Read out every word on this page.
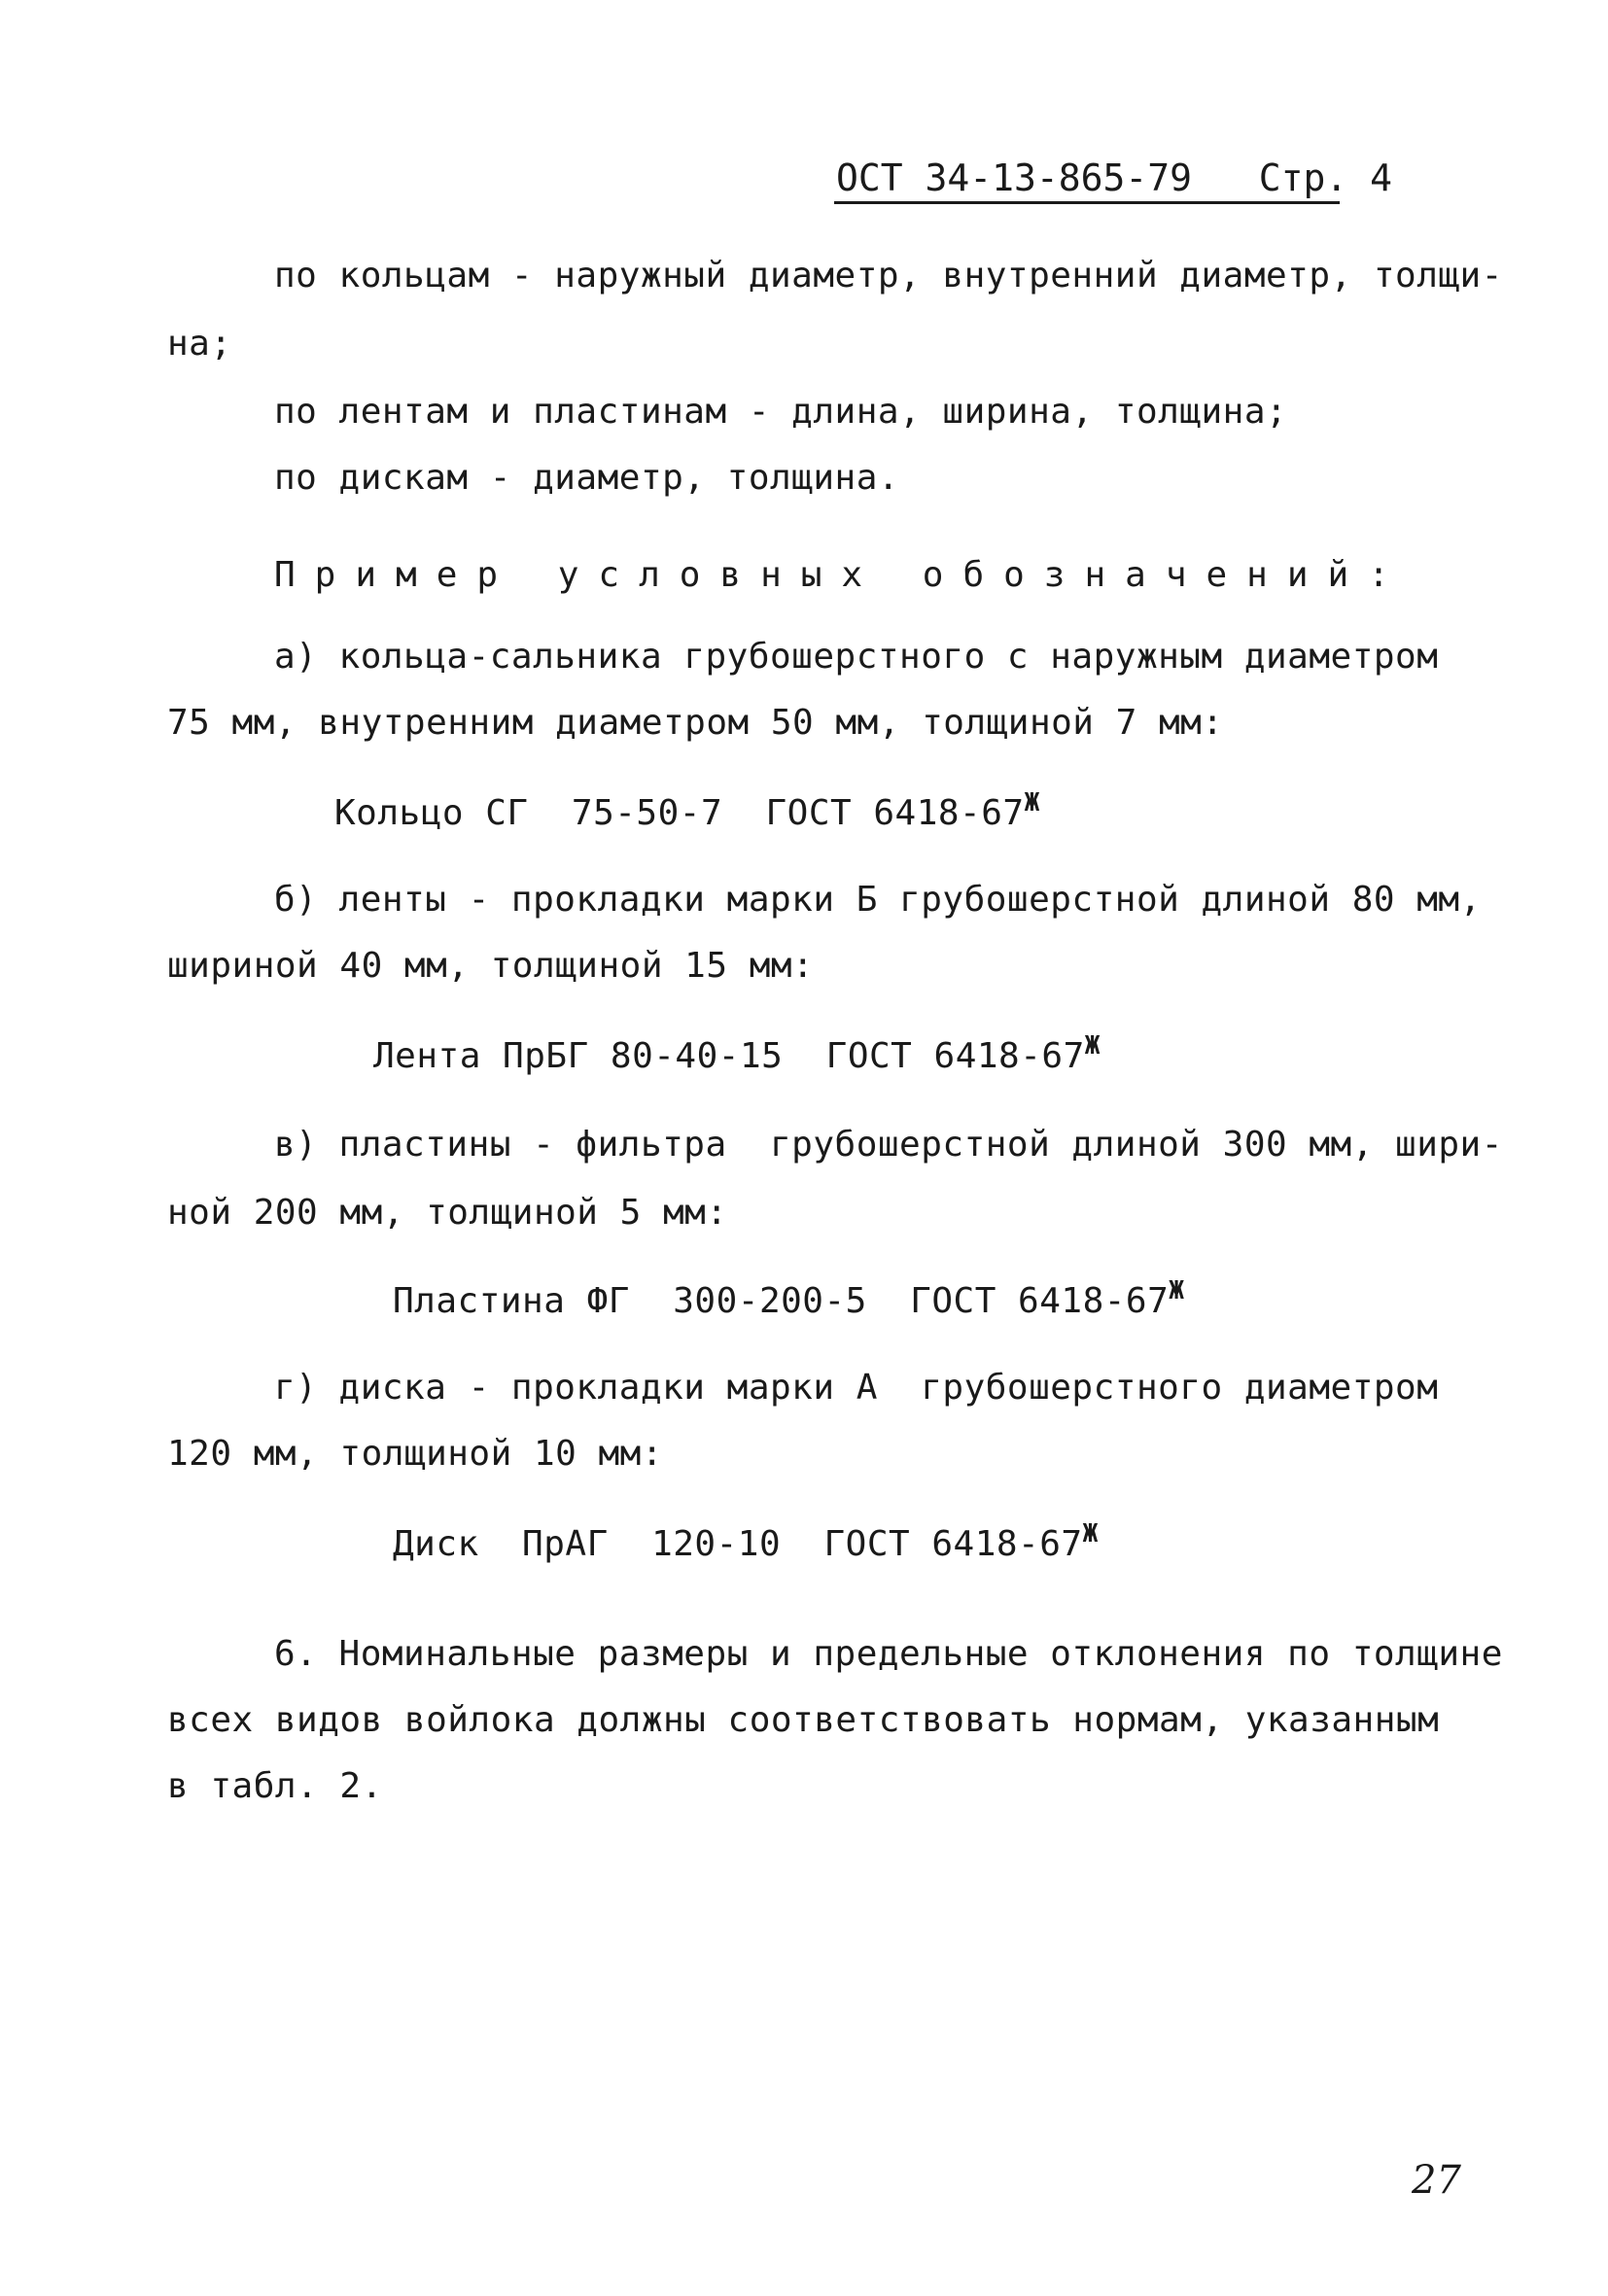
ОСТ 34-13-865-79 Стр. 4
по кольцам - наружный диаметр, внутренний диаметр, толщи-
на;
по лентам и пластинам - длина, ширина, толщина;
по дискам - диаметр, толщина.
Пример условных обозначений:
а) кольца-сальника грубошерстного с наружным диаметром
75 мм, внутренним диаметром 50 мм, толщиной 7 мм:
Кольцо СГ  75-50-7  ГОСТ $6418-67^Ж$
б) ленты - прокладки марки Б грубошерстной длиной 80 мм,
шириной 40 мм, толщиной 15 мм:
Лента ПрБГ 80-40-15  ГОСТ $6418-67^Ж$
в) пластины - фильтра  грубошерстной длиной 300 мм, шири-
ной 200 мм, толщиной 5 мм:
Пластина ФГ  300-200-5  ГОСТ $6418-67^Ж$
г) диска - прокладки марки А  грубошерстного диаметром
120 мм, толщиной 10 мм:
Диск  ПрАГ  120-10  ГОСТ $6418-67^Ж$
6. Номинальные размеры и предельные отклонения по толщине
всех видов войлока должны соответствовать нормам, указанным
в табл. 2.
27
